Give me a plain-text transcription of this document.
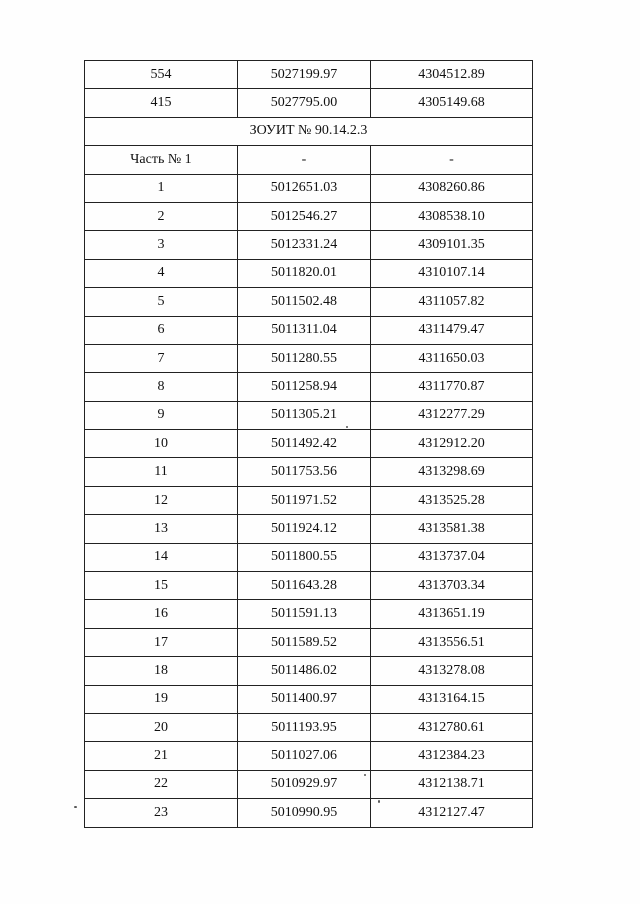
554	5027199.97	4304512.89
415	5027795.00	4305149.68
ЗОУИТ № 90.14.2.3		
Часть № 1	-	-
1	5012651.03	4308260.86
2	5012546.27	4308538.10
3	5012331.24	4309101.35
4	5011820.01	4310107.14
5	5011502.48	4311057.82
6	5011311.04	4311479.47
7	5011280.55	4311650.03
8	5011258.94	4311770.87
9	5011305.21	4312277.29
10	5011492.42	4312912.20
11	5011753.56	4313298.69
12	5011971.52	4313525.28
13	5011924.12	4313581.38
14	5011800.55	4313737.04
15	5011643.28	4313703.34
16	5011591.13	4313651.19
17	5011589.52	4313556.51
18	5011486.02	4313278.08
19	5011400.97	4313164.15
20	5011193.95	4312780.61
21	5011027.06	4312384.23
22	5010929.97	4312138.71
23	5010990.95	4312127.47
